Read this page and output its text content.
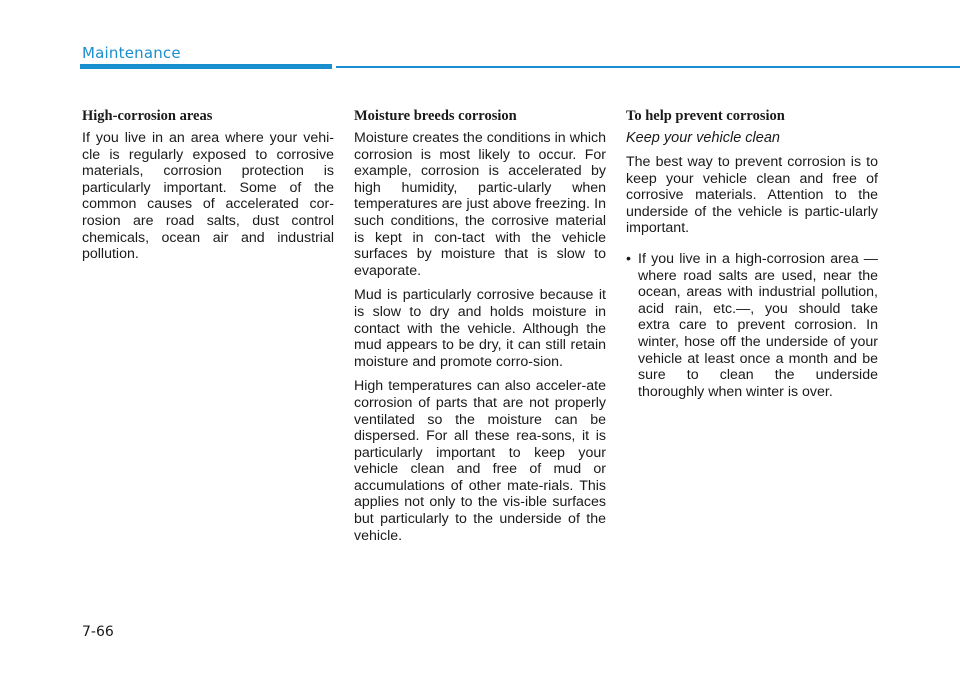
Maintenance
High-corrosion areas

If you live in an area where your vehi-cle is regularly exposed to corrosive materials, corrosion protection is particularly important. Some of the common causes of accelerated cor-rosion are road salts, dust control chemicals, ocean air and industrial pollution.

Moisture breeds corrosion

Moisture creates the conditions in which corrosion is most likely to occur. For example, corrosion is accelerated by high humidity, partic-ularly when temperatures are just above freezing. In such conditions, the corrosive material is kept in con-tact with the vehicle surfaces by moisture that is slow to evaporate.

Mud is particularly corrosive because it is slow to dry and holds moisture in contact with the vehicle. Although the mud appears to be dry, it can still retain moisture and promote corro-sion.

High temperatures can also acceler-ate corrosion of parts that are not properly ventilated so the moisture can be dispersed. For all these rea-sons, it is particularly important to keep your vehicle clean and free of mud or accumulations of other mate-rials. This applies not only to the vis-ible surfaces but particularly to the underside of the vehicle.

To help prevent corrosion
Keep your vehicle clean

The best way to prevent corrosion is to keep your vehicle clean and free of corrosive materials. Attention to the underside of the vehicle is partic-ularly important.

• If you live in a high-corrosion area — where road salts are used, near the ocean, areas with industrial pollution, acid rain, etc.—, you should take extra care to prevent corrosion. In winter, hose off the underside of your vehicle at least once a month and be sure to clean the underside thoroughly when winter is over.
7-66
